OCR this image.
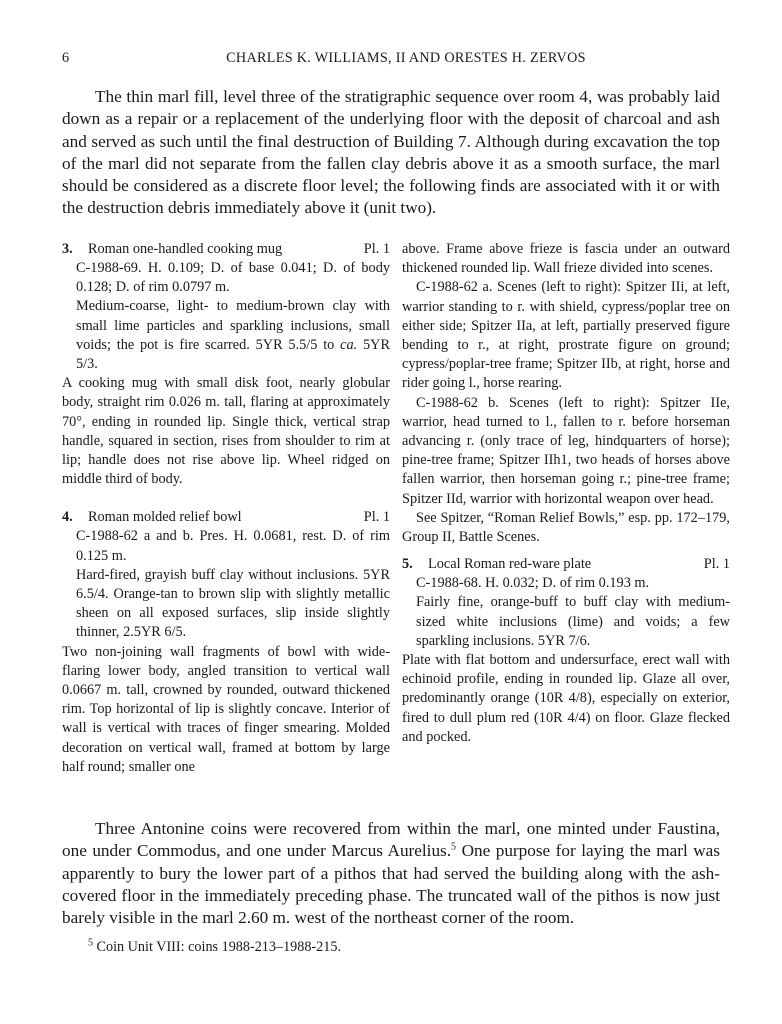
6	CHARLES K. WILLIAMS, II AND ORESTES H. ZERVOS

The thin marl fill, level three of the stratigraphic sequence over room 4, was probably laid down as a repair or a replacement of the underlying floor with the deposit of charcoal and ash and served as such until the final destruction of Building 7. Although during excavation the top of the marl did not separate from the fallen clay debris above it as a smooth surface, the marl should be considered as a discrete floor level; the following finds are associated with it or with the destruction debris immediately above it (unit two).

3. Roman one-handled cooking mug	Pl. 1

C-1988-69. H. 0.109; D. of base 0.041; D. of body 0.128; D. of rim 0.0797 m.

Medium-coarse, light- to medium-brown clay with small lime particles and sparkling inclusions, small voids; the pot is fire scarred. 5YR 5.5/5 to ca. 5YR 5/3.

A cooking mug with small disk foot, nearly globular body, straight rim 0.026 m. tall, flaring at approximately 70°, ending in rounded lip. Single thick, vertical strap handle, squared in section, rises from shoulder to rim at lip; handle does not rise above lip. Wheel ridged on middle third of body.

4. Roman molded relief bowl	Pl. 1

C-1988-62 a and b. Pres. H. 0.0681, rest. D. of rim 0.125 m.

Hard-fired, grayish buff clay without inclusions. 5YR 6.5/4. Orange-tan to brown slip with slightly metallic sheen on all exposed surfaces, slip inside slightly thinner, 2.5YR 6/5.

Two non-joining wall fragments of bowl with wide-flaring lower body, angled transition to vertical wall 0.0667 m. tall, crowned by rounded, outward thickened rim. Top horizontal of lip is slightly concave. Interior of wall is vertical with traces of finger smearing. Molded decoration on vertical wall, framed at bottom by large half round; smaller one

above. Frame above frieze is fascia under an outward thickened rounded lip. Wall frieze divided into scenes.

C-1988-62 a. Scenes (left to right): Spitzer IIi, at left, warrior standing to r. with shield, cypress/poplar tree on either side; Spitzer IIa, at left, partially preserved figure bending to r., at right, prostrate figure on ground; cypress/poplar-tree frame; Spitzer IIb, at right, horse and rider going l., horse rearing.

C-1988-62 b. Scenes (left to right): Spitzer IIe, warrior, head turned to l., fallen to r. before horseman advancing r. (only trace of leg, hindquarters of horse); pine-tree frame; Spitzer IIh1, two heads of horses above fallen warrior, then horseman going r.; pine-tree frame; Spitzer IId, warrior with horizontal weapon over head.

See Spitzer, “Roman Relief Bowls,” esp. pp. 172–179, Group II, Battle Scenes.

5. Local Roman red-ware plate	Pl. 1

C-1988-68. H. 0.032; D. of rim 0.193 m.

Fairly fine, orange-buff to buff clay with medium-sized white inclusions (lime) and voids; a few sparkling inclusions. 5YR 7/6.

Plate with flat bottom and undersurface, erect wall with echinoid profile, ending in rounded lip. Glaze all over, predominantly orange (10R 4/8), especially on exterior, fired to dull plum red (10R 4/4) on floor. Glaze flecked and pocked.

Three Antonine coins were recovered from within the marl, one minted under Faustina, one under Commodus, and one under Marcus Aurelius.$^5$ One purpose for laying the marl was apparently to bury the lower part of a pithos that had served the building along with the ash-covered floor in the immediately preceding phase. The truncated wall of the pithos is now just barely visible in the marl 2.60 m. west of the northeast corner of the room.

$^5$ Coin Unit VIII: coins 1988-213–1988-215.
